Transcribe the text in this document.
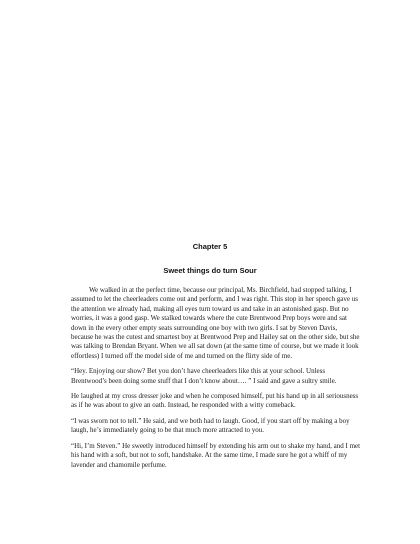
Chapter 5
Sweet things do turn Sour

We walked in at the perfect time, because our principal, Ms. Birchfield, had stopped talking, I assumed to let the cheerleaders come out and perform, and I was right. This stop in her speech gave us the attention we already had, making all eyes turn toward us and take in an astonished gasp. But no worries, it was a good gasp. We stalked towards where the cute Brentwood Prep boys were and sat down in the every other empty seats surrounding one boy with two girls. I sat by Steven Davis, because he was the cutest and smartest boy at Brentwood Prep and Hailey sat on the other side, but she was talking to Brendan Bryant. When we all sat down (at the same time of course, but we made it look effortless) I turned off the model side of me and turned on the flirty side of me.

“Hey. Enjoying our show? Bet you don’t have cheerleaders like this at your school. Unless Brentwood’s been doing some stuff that I don’t know about…. ” I said and gave a sultry smile.

He laughed at my cross dresser joke and when he composed himself, put his hand up in all seriousness as if he was about to give an oath. Instead, he responded with a witty comeback.

“I was sworn not to tell.” He said, and we both had to laugh. Good, if you start off by making a boy laugh, he’s immediately going to be that much more attracted to you.

“Hi, I’m Steven.” He sweetly introduced himself by extending his arm out to shake my hand, and I met his hand with a soft, but not to soft, handshake. At the same time, I made sure he got a whiff of my lavender and chamomile perfume.
